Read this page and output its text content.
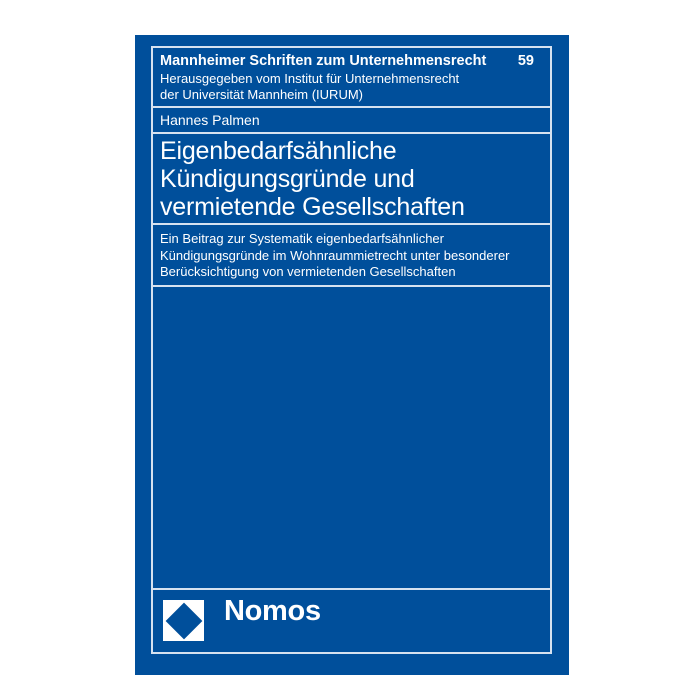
Mannheimer Schriften zum Unternehmensrecht 59
Herausgegeben vom Institut für Unternehmensrecht
der Universität Mannheim (IURUM)
Hannes Palmen
Eigenbedarfsähnliche
Kündigungsgründe und
vermietende Gesellschaften
Ein Beitrag zur Systematik eigenbedarfsähnlicher
Kündigungsgründe im Wohnraummietrecht unter besonderer
Berücksichtigung von vermietenden Gesellschaften
Nomos
